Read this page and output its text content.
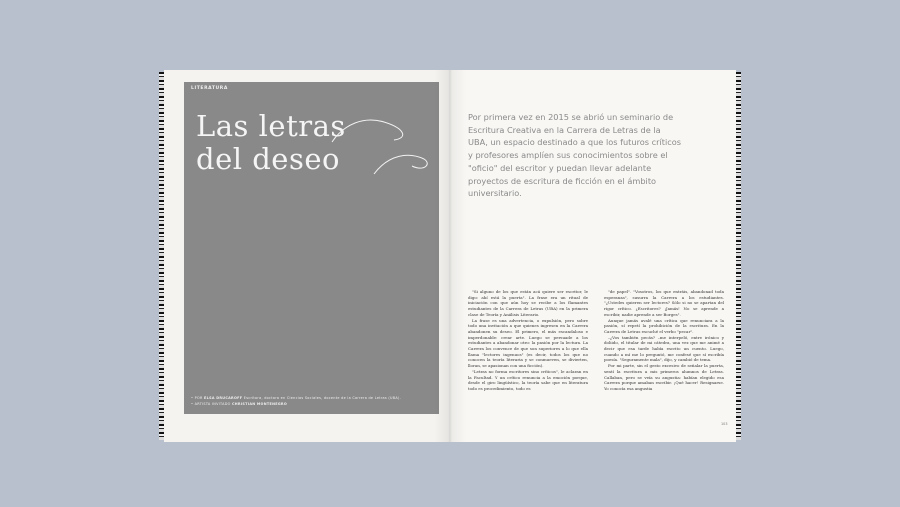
LITERATURA
Las letras
del deseo
• POR ELSA DRUCAROFF Escritora, doctora en Ciencias Sociales, docente de la Carrera de Letras (UBA).
• ARTISTA INVITADO CHRISTIAN MONTENEGRO
Por primera vez en 2015 se abrió un seminario de Escritura Creativa en la Carrera de Letras de la UBA, un espacio destinado a que los futuros críticos y profesores amplíen sus conocimientos sobre el "oficio" del escritor y puedan llevar adelante proyectos de escritura de ficción en el ámbito universitario.

"Si alguno de los que están acá quiere ser escritor, le digo: ahí está la puerta". La frase era un ritual de iniciación con que aún hoy se recibe a los flamantes estudiantes de la Carrera de Letras (UBA) en la primera clase de Teoría y Análisis Literario.

La frase es una advertencia, o expulsión, pero sobre todo una invitación a que quienes ingresen en la Carrera abandonen su deseo. El primero, el más escandaloso e imperdonable: crear arte. Luego se persuade a los estudiantes a abandonar otro: la pasión por la lectura. La Carrera los convence de que son superiores a lo que ella llama "lectores ingenuos" (es decir, todos los que no conocen la teoría literaria y se conmueven, se divierten, lloran, se apasionan con una ficción).

"Letras no forma escritores sino críticos", le aclaran en la Facultad. Y un crítico renuncia a la emoción porque, desde el giro lingüístico, la teoría sabe que en literatura todo es procedimiento, todo es

"de papel". "Vosotros, los que entráis, abandonad toda esperanza", susurra la Carrera a los estudiantes. "¿Ustedes quieren ser lectores? Sólo si no se apartan del rigor crítico. ¿Escritores? ¡Jamás! No se aprende a escribir, nadie aprende a ser Borges".

Aunque jamás avalé una crítica que renunciara a la pasión, sí repetí la prohibición de la escritura. En la Carrera de Letras escuché el verbo "pecar".

–¿Vos también pecás? –me interpeló, entre irónico y doliido, el titular de mi cátedra, una vez que me animé a decir que esa tarde había escrito un cuento. Luego, cuando a mí me lo preguntó, me confesé que sí escribía poesía. "Seguramente mala", dijo, y cambió de tema.

Por mi parte, sin el gesto excesivo de señalar la puerta, sentí la escritura a mis primeros alumnos de Letras. Callaban, pero se veía su angustia: habían elegido esa Carrera porque amaban escribir. ¡Qué hacer! Resignarse. Yo conocía esa angustia

103
